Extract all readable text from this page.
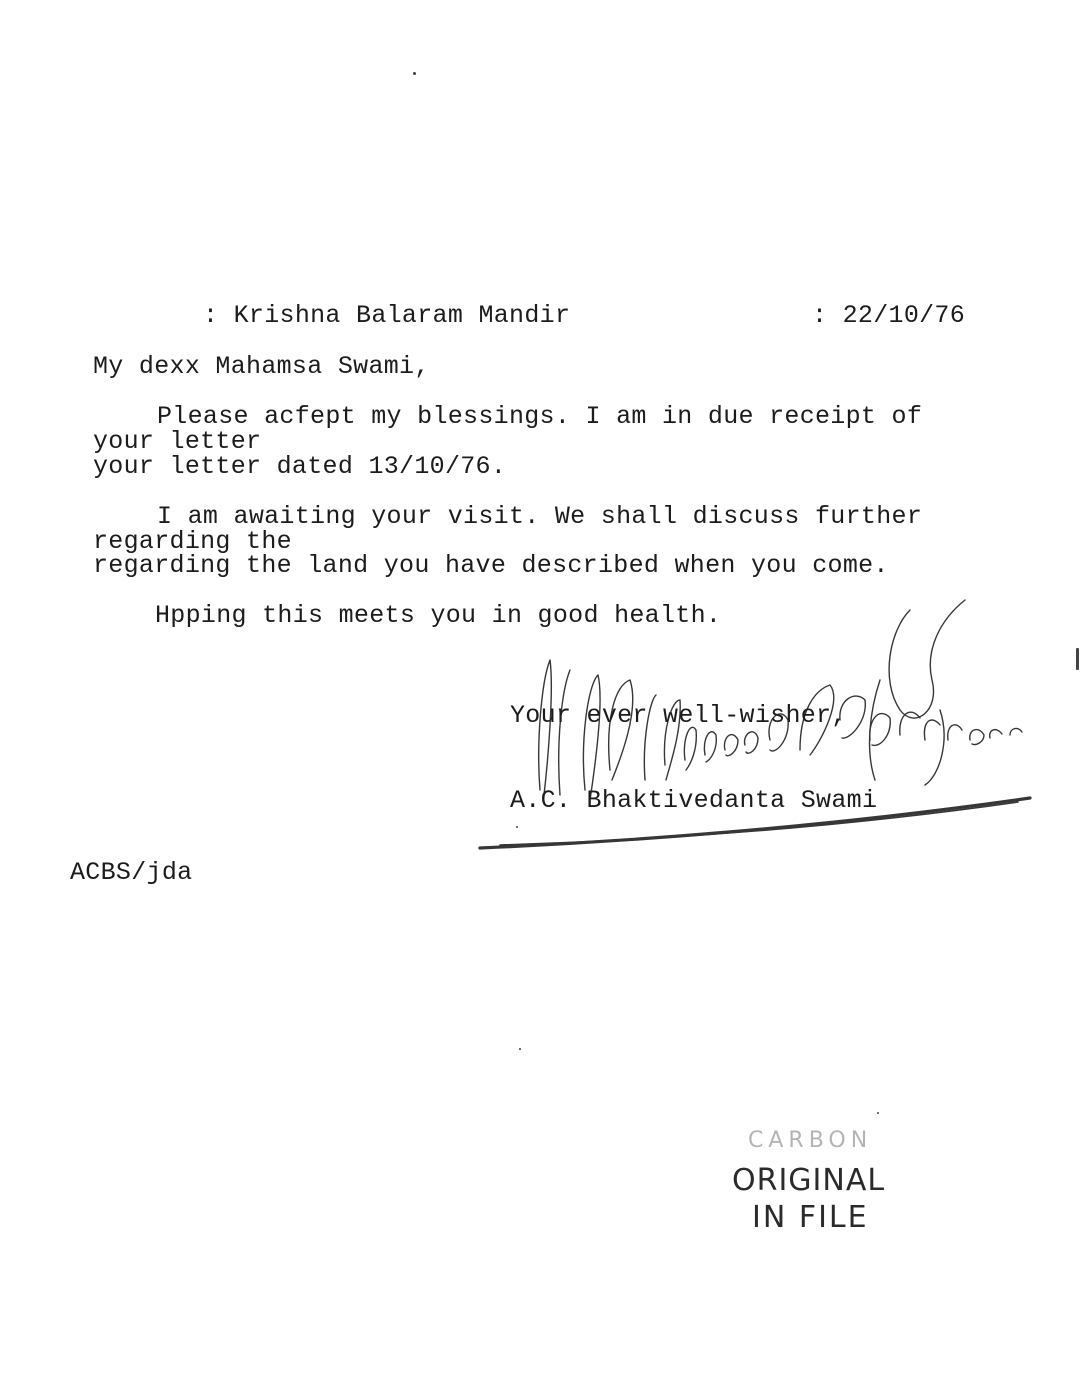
: Krishna Balaram Mandir	: 22/10/76
My dexx Mahamsa Swami,
Please acfept my blessings. I am in due receipt of
your letter
your letter dated 13/10/76.
I am awaiting your visit. We shall discuss further
regarding the
regarding the land you have described when you come.
Hpping this meets you in good health.
Your ever well-wisher,
A.C. Bhaktivedanta Swami
ACBS/jda
CARBON
ORIGINAL
IN FILE
